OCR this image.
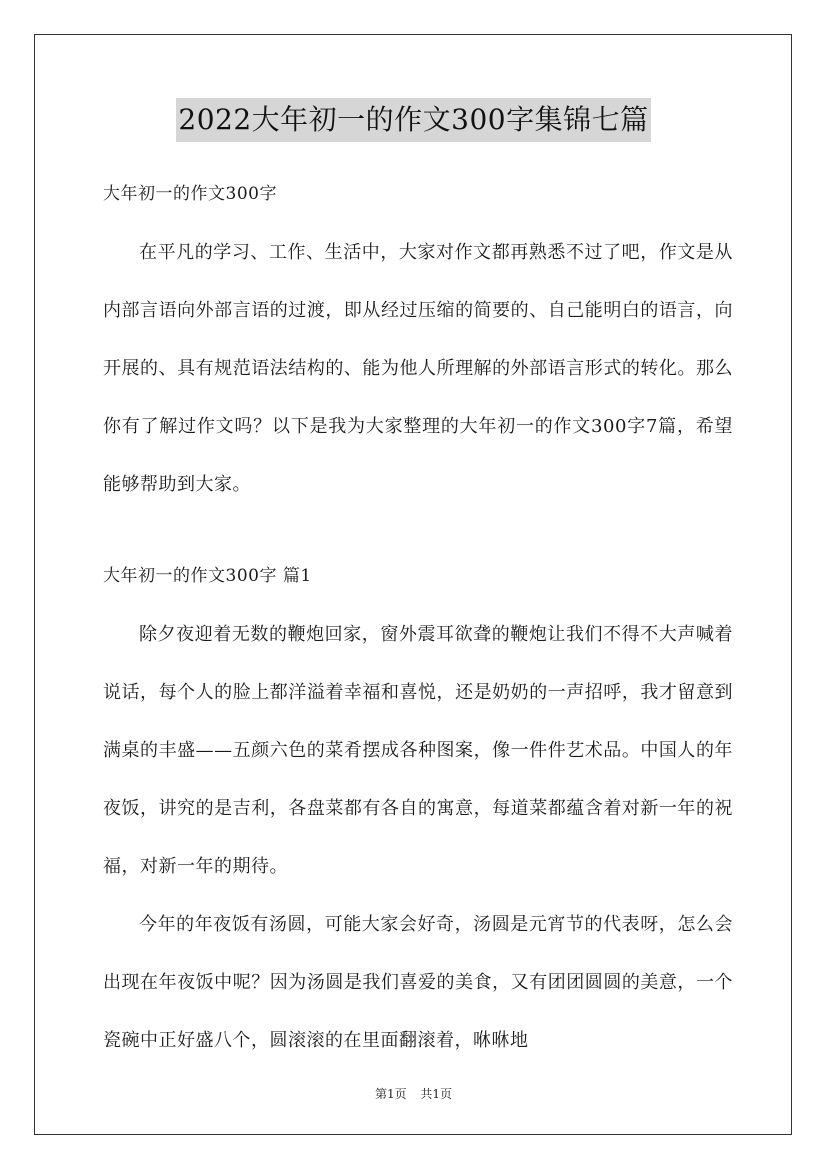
2022大年初一的作文300字集锦七篇

大年初一的作文300字

在平凡的学习、工作、生活中，大家对作文都再熟悉不过了吧，作文是从内部言语向外部言语的过渡，即从经过压缩的简要的、自己能明白的语言，向开展的、具有规范语法结构的、能为他人所理解的外部语言形式的转化。那么你有了解过作文吗？以下是我为大家整理的大年初一的作文300字7篇，希望能够帮助到大家。

大年初一的作文300字 篇1

除夕夜迎着无数的鞭炮回家，窗外震耳欲聋的鞭炮让我们不得不大声喊着说话，每个人的脸上都洋溢着幸福和喜悦，还是奶奶的一声招呼，我才留意到满桌的丰盛——五颜六色的菜肴摆成各种图案，像一件件艺术品。中国人的年夜饭，讲究的是吉利，各盘菜都有各自的寓意，每道菜都蕴含着对新一年的祝福，对新一年的期待。

今年的年夜饭有汤圆，可能大家会好奇，汤圆是元宵节的代表呀，怎么会出现在年夜饭中呢？因为汤圆是我们喜爱的美食，又有团团圆圆的美意，一个瓷碗中正好盛八个，圆滚滚的在里面翻滚着，咻咻地

第1页 共1页
